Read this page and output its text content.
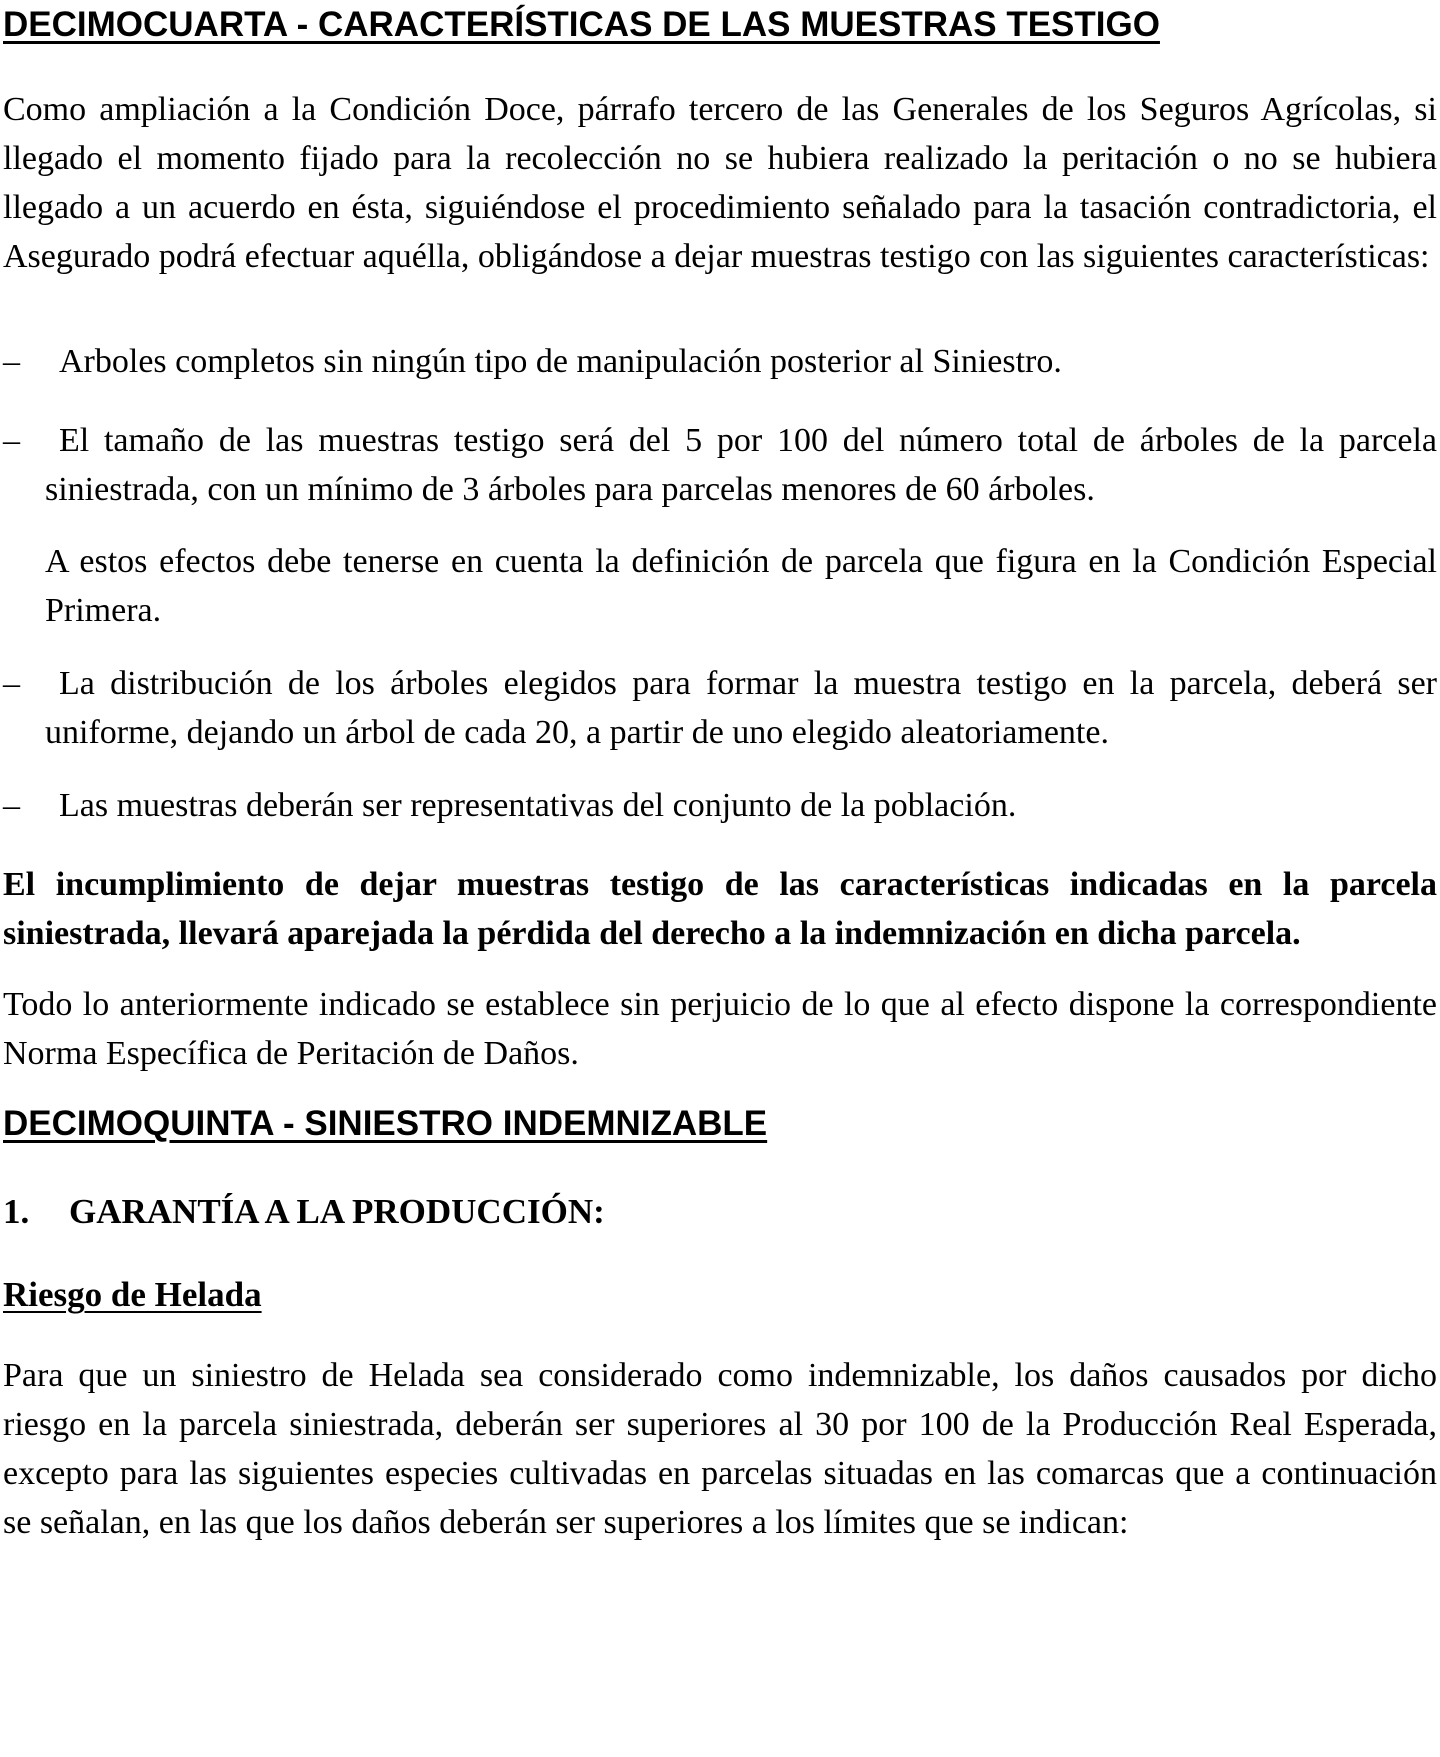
DECIMOCUARTA - CARACTERÍSTICAS DE LAS MUESTRAS TESTIGO

Como ampliación a la Condición Doce, párrafo tercero de las Generales de los Seguros Agrícolas, si llegado el momento fijado para la recolección no se hubiera realizado la peritación o no se hubiera llegado a un acuerdo en ésta, siguiéndose el procedimiento señalado para la tasación contradictoria, el Asegurado podrá efectuar aquélla, obligándose a dejar muestras testigo con las siguientes características:

– Arboles completos sin ningún tipo de manipulación posterior al Siniestro.

– El tamaño de las muestras testigo será del 5 por 100 del número total de árboles de la parcela siniestrada, con un mínimo de 3 árboles para parcelas menores de 60 árboles.

A estos efectos debe tenerse en cuenta la definición de parcela que figura en la Condición Especial Primera.

– La distribución de los árboles elegidos para formar la muestra testigo en la parcela, deberá ser uniforme, dejando un árbol de cada 20, a partir de uno elegido aleatoriamente.

– Las muestras deberán ser representativas del conjunto de la población.

El incumplimiento de dejar muestras testigo de las características indicadas en la parcela siniestrada, llevará aparejada la pérdida del derecho a la indemnización en dicha parcela.

Todo lo anteriormente indicado se establece sin perjuicio de lo que al efecto dispone la correspondiente Norma Específica de Peritación de Daños.

DECIMOQUINTA - SINIESTRO INDEMNIZABLE

1. GARANTÍA A LA PRODUCCIÓN:

Riesgo de Helada

Para que un siniestro de Helada sea considerado como indemnizable, los daños causados por dicho riesgo en la parcela siniestrada, deberán ser superiores al 30 por 100 de la Producción Real Esperada, excepto para las siguientes especies cultivadas en parcelas situadas en las comarcas que a continuación se señalan, en las que los daños deberán ser superiores a los límites que se indican:
